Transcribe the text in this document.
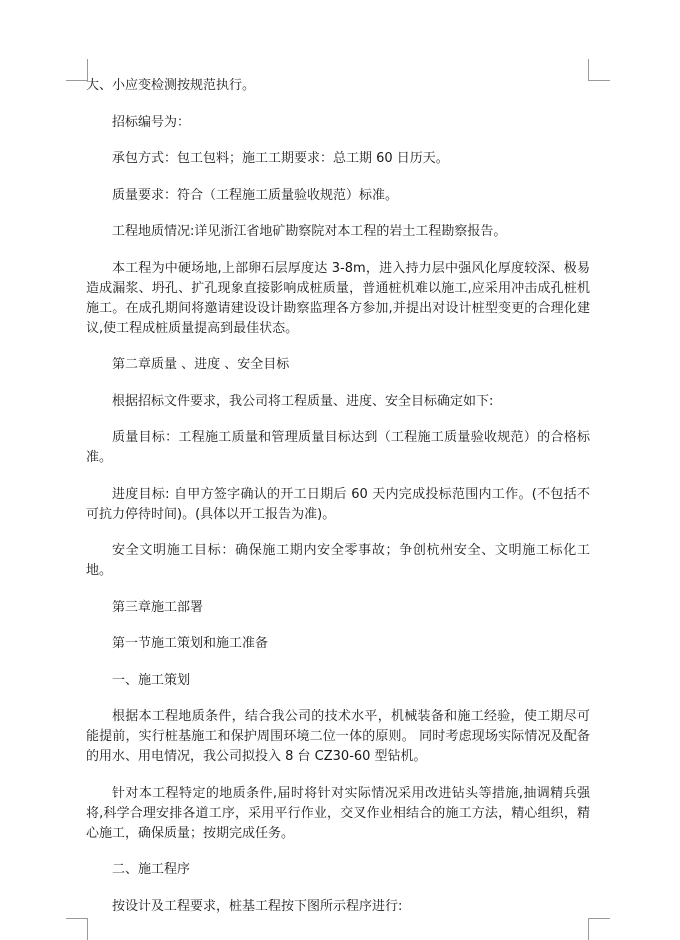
大、小应变检测按规范执行。

招标编号为：

承包方式：包工包料；施工工期要求：总工期 60 日历天。

质量要求：符合（工程施工质量验收规范）标准。

工程地质情况:详见浙江省地矿勘察院对本工程的岩土工程勘察报告。

本工程为中硬场地,上部卵石层厚度达 3-8m，进入持力层中强风化厚度较深、极易造成漏浆、坍孔、扩孔现象直接影响成桩质量，普通桩机难以施工,应采用冲击成孔桩机施工。在成孔期间将邀请建设设计勘察监理各方参加,并提出对设计桩型变更的合理化建议,使工程成桩质量提高到最佳状态。

第二章质量 、进度 、安全目标

根据招标文件要求，我公司将工程质量、进度、安全目标确定如下:

质量目标：工程施工质量和管理质量目标达到（工程施工质量验收规范）的合格标准。

进度目标: 自甲方签字确认的开工日期后 60 天内完成投标范围内工作。(不包括不可抗力停待时间)。(具体以开工报告为准)。

安全文明施工目标：确保施工期内安全零事故；争创杭州安全、文明施工标化工地。

第三章施工部署

第一节施工策划和施工准备

一、施工策划

根据本工程地质条件，结合我公司的技术水平，机械装备和施工经验，使工期尽可能提前，实行桩基施工和保护周围环境二位一体的原则。 同时考虑现场实际情况及配备的用水、用电情况，我公司拟投入 8 台 CZ30-60 型钻机。

针对本工程特定的地质条件,届时将针对实际情况采用改进钻头等措施,抽调精兵强将,科学合理安排各道工序，采用平行作业，交叉作业相结合的施工方法，精心组织，精心施工，确保质量；按期完成任务。

二、施工程序

按设计及工程要求，桩基工程按下图所示程序进行:
